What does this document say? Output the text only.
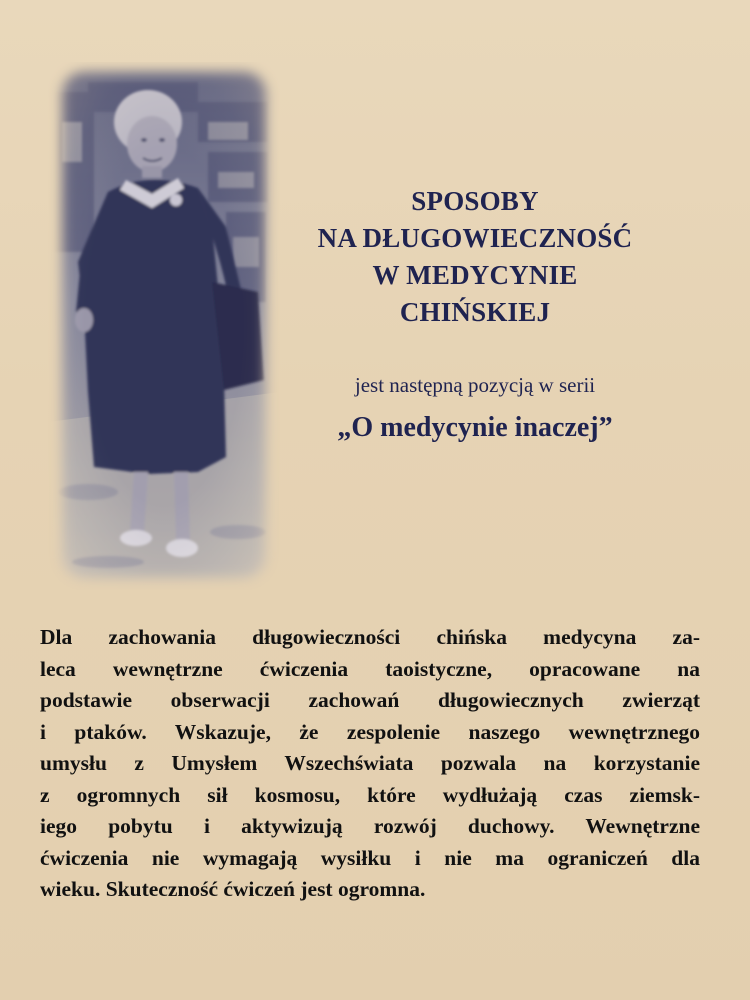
SPOSOBY
NA DŁUGOWIECZNOŚĆ
W MEDYCYNIE
CHIŃSKIEJ
jest następną pozycją w serii
„O medycynie inaczej”
Dla zachowania długowieczności chińska medycyna za-
leca wewnętrzne ćwiczenia taoistyczne, opracowane na
podstawie obserwacji zachowań długowiecznych zwierząt
i ptaków. Wskazuje, że zespolenie naszego wewnętrznego
umysłu z Umysłem Wszechświata pozwala na korzystanie
z ogromnych sił kosmosu, które wydłużają czas ziemsk-
iego pobytu i aktywizują rozwój duchowy. Wewnętrzne
ćwiczenia nie wymagają wysiłku i nie ma ograniczeń dla
wieku. Skuteczność ćwiczeń jest ogromna.
